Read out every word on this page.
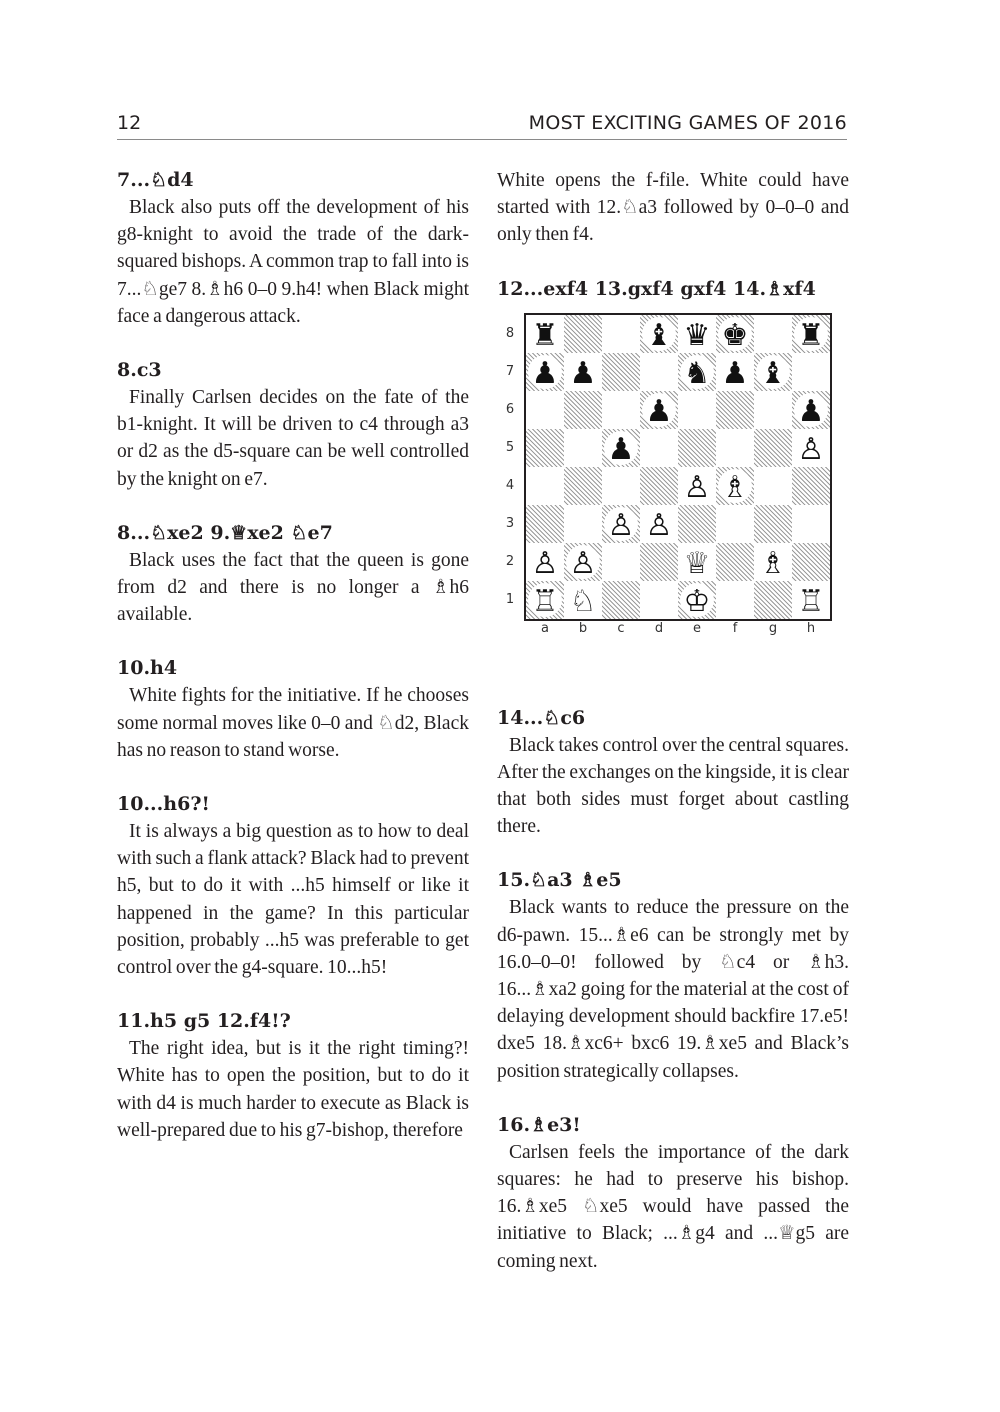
12	MOST EXCITING GAMES OF 2016

7...♘d4

Black also puts off the development of his g8-knight to avoid the trade of the dark-squared bishops. A common trap to fall into is 7...♘ge7 8.♗h6 0–0 9.h4! when Black might face a dangerous attack.

8.c3

Finally Carlsen decides on the fate of the b1-knight. It will be driven to c4 through a3 or d2 as the d5-square can be well controlled by the knight on e7.

8...♘xe2 9.♕xe2 ♘e7

Black uses the fact that the queen is gone from d2 and there is no longer a ♗h6 available.

10.h4

White fights for the initiative. If he chooses some normal moves like 0–0 and ♘d2, Black has no reason to stand worse.

10...h6?!

It is always a big question as to how to deal with such a flank attack? Black had to prevent h5, but to do it with ...h5 himself or like it happened in the game? In this particular position, probably ...h5 was preferable to get control over the g4-square. 10...h5!

11.h5 g5 12.f4!?

The right idea, but is it the right timing?! White has to open the position, but to do it with d4 is much harder to execute as Black is well-prepared due to his g7-bishop, therefore

White opens the f-file. White could have started with 12.♘a3 followed by 0–0–0 and only then f4.

12...exf4 13.gxf4 gxf4 14.♗xf4

♜	♝ ♛ ♚ ♜
♟ ♟	♞ ♟ ♝
♟	♟
♟	♙
♙ ♗
♙ ♙
♙ ♙	♕ ♗
♖ ♘	♔	♖
8
7
6
5
4
3
2
1
a	b	c	d	e	f	g	h

14...♘c6

Black takes control over the central squares. After the exchanges on the kingside, it is clear that both sides must forget about castling there.

15.♘a3 ♗e5

Black wants to reduce the pressure on the d6-pawn. 15...♗e6 can be strongly met by 16.0–0–0! followed by ♘c4 or ♗h3. 16...♗xa2 going for the material at the cost of delaying development should backfire 17.e5! dxe5 18.♗xc6+ bxc6 19.♗xe5 and Black’s position strategically collapses.

16.♗e3!

Carlsen feels the importance of the dark squares: he had to preserve his bishop. 16.♗xe5 ♘xe5 would have passed the initiative to Black; ...♗g4 and ...♕g5 are coming next.
